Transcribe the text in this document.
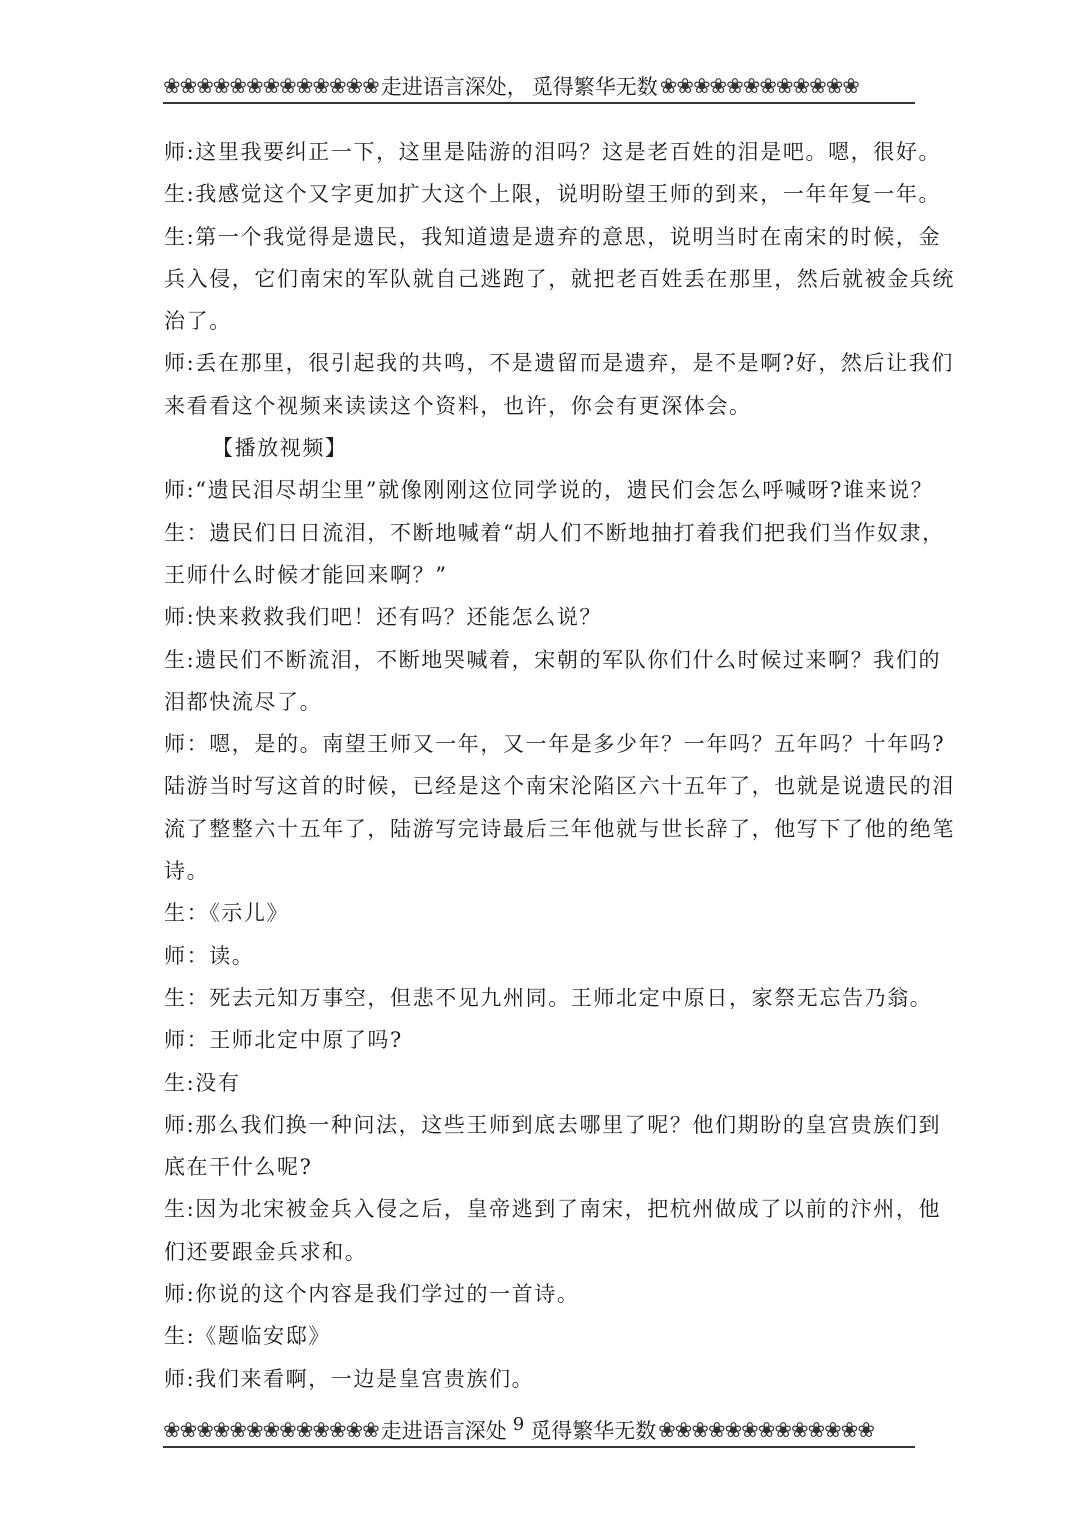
❀❀❀❀❀❀❀❀❀❀❀❀❀ 走进语言深处， 觅得繁华无数 ❀❀❀❀❀❀❀❀❀❀❀❀
师:这里我要纠正一下，这里是陆游的泪吗？这是老百姓的泪是吧。嗯，很好。
生:我感觉这个又字更加扩大这个上限，说明盼望王师的到来，一年年复一年。
生:第一个我觉得是遗民，我知道遗是遗弃的意思，说明当时在南宋的时候，金
兵入侵，它们南宋的军队就自己逃跑了，就把老百姓丢在那里，然后就被金兵统
治了。
师:丢在那里，很引起我的共鸣，不是遗留而是遗弃，是不是啊?好，然后让我们
来看看这个视频来读读这个资料，也许，你会有更深体会。
【播放视频】
师:“遗民泪尽胡尘里”就像刚刚这位同学说的，遗民们会怎么呼喊呀?谁来说？
生：遗民们日日流泪，不断地喊着“胡人们不断地抽打着我们把我们当作奴隶，
王师什么时候才能回来啊？”
师:快来救救我们吧！还有吗？还能怎么说？
生:遗民们不断流泪，不断地哭喊着，宋朝的军队你们什么时候过来啊？我们的
泪都快流尽了。
师：嗯，是的。南望王师又一年，又一年是多少年？一年吗？五年吗？十年吗?
陆游当时写这首的时候，已经是这个南宋沦陷区六十五年了，也就是说遗民的泪
流了整整六十五年了，陆游写完诗最后三年他就与世长辞了，他写下了他的绝笔
诗。
生：《示儿》
师：读。
生：死去元知万事空，但悲不见九州同。王师北定中原日，家祭无忘告乃翁。
师：王师北定中原了吗?
生:没有
师:那么我们换一种问法，这些王师到底去哪里了呢？他们期盼的皇宫贵族们到
底在干什么呢?
生:因为北宋被金兵入侵之后，皇帝逃到了南宋，把杭州做成了以前的汴州，他
们还要跟金兵求和。
师:你说的这个内容是我们学过的一首诗。
生:《题临安邸》
师:我们来看啊，一边是皇宫贵族们。
❀❀❀❀❀❀❀❀❀❀❀❀❀ 走进语言深处 9 觅得繁华无数 ❀❀❀❀❀❀❀❀❀❀❀❀❀
